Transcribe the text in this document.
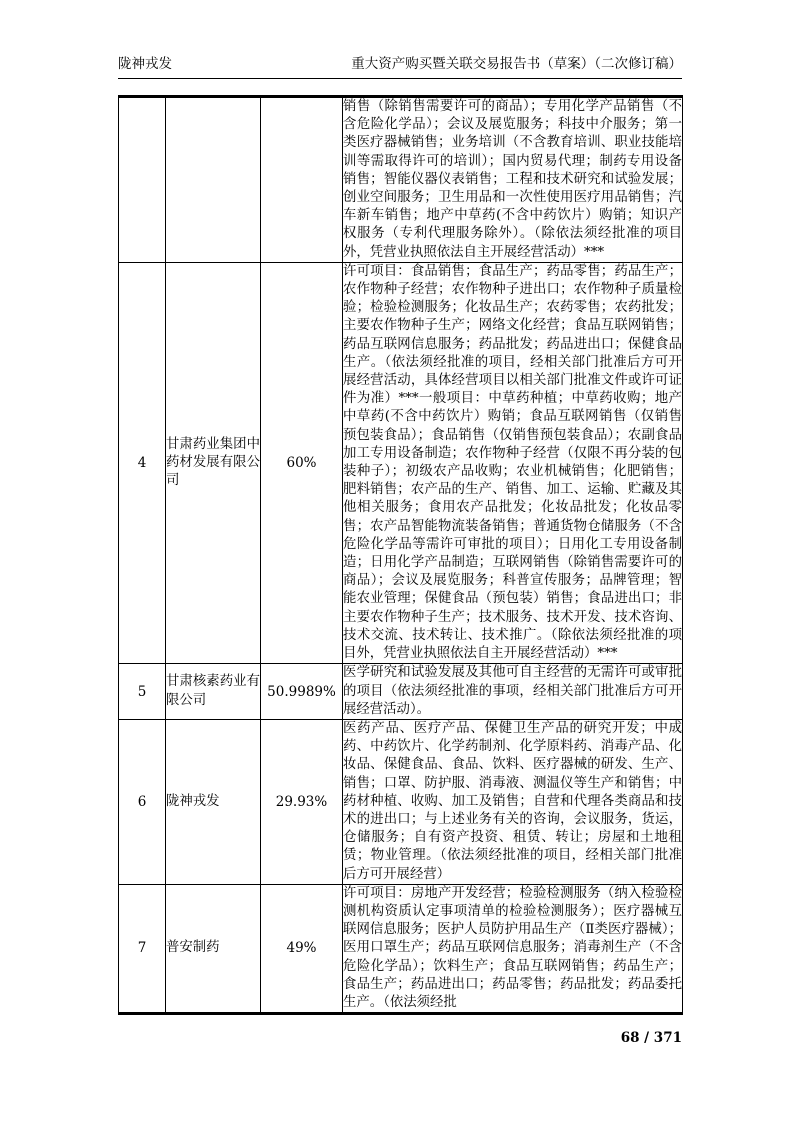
陇神戎发	重大资产购买暨关联交易报告书（草案）（二次修订稿）
			销售（除销售需要许可的商品）；专用化学产品销售（不含危险化学品）；会议及展览服务；科技中介服务；第一类医疗器械销售；业务培训（不含教育培训、职业技能培训等需取得许可的培训）；国内贸易代理；制药专用设备销售；智能仪器仪表销售；工程和技术研究和试验发展；创业空间服务；卫生用品和一次性使用医疗用品销售；汽车新车销售；地产中草药(不含中药饮片）购销；知识产权服务（专利代理服务除外）。（除依法须经批准的项目外，凭营业执照依法自主开展经营活动）***
4	甘肃药业集团中药材发展有限公司	60%	许可项目：食品销售；食品生产；药品零售；药品生产；农作物种子经营；农作物种子进出口；农作物种子质量检验；检验检测服务；化妆品生产；农药零售；农药批发；主要农作物种子生产；网络文化经营；食品互联网销售；药品互联网信息服务；药品批发；药品进出口；保健食品生产。（依法须经批准的项目，经相关部门批准后方可开展经营活动，具体经营项目以相关部门批准文件或许可证件为准）***一般项目：中草药种植；中草药收购；地产中草药(不含中药饮片）购销；食品互联网销售（仅销售预包装食品）；食品销售（仅销售预包装食品）；农副食品加工专用设备制造；农作物种子经营（仅限不再分装的包装种子）；初级农产品收购；农业机械销售；化肥销售；肥料销售；农产品的生产、销售、加工、运输、贮藏及其他相关服务；食用农产品批发；化妆品批发；化妆品零售；农产品智能物流装备销售；普通货物仓储服务（不含危险化学品等需许可审批的项目）；日用化工专用设备制造；日用化学产品制造；互联网销售（除销售需要许可的商品）；会议及展览服务；科普宣传服务；品牌管理；智能农业管理；保健食品（预包装）销售；食品进出口；非主要农作物种子生产；技术服务、技术开发、技术咨询、技术交流、技术转让、技术推广。（除依法须经批准的项目外，凭营业执照依法自主开展经营活动）***
5	甘肃核素药业有限公司	50.9989%	医学研究和试验发展及其他可自主经营的无需许可或审批的项目（依法须经批准的事项，经相关部门批准后方可开展经营活动）。
6	陇神戎发	29.93%	医药产品、医疗产品、保健卫生产品的研究开发；中成药、中药饮片、化学药制剂、化学原料药、消毒产品、化妆品、保健食品、食品、饮料、医疗器械的研发、生产、销售；口罩、防护服、消毒液、测温仪等生产和销售；中药材种植、收购、加工及销售；自营和代理各类商品和技术的进出口；与上述业务有关的咨询，会议服务，货运，仓储服务；自有资产投资、租赁、转让；房屋和土地租赁；物业管理。（依法须经批准的项目，经相关部门批准后方可开展经营）
7	普安制药	49%	许可项目：房地产开发经营；检验检测服务（纳入检验检测机构资质认定事项清单的检验检测服务）；医疗器械互联网信息服务；医护人员防护用品生产（Ⅱ类医疗器械）；医用口罩生产；药品互联网信息服务；消毒剂生产（不含危险化学品）；饮料生产；食品互联网销售；药品生产；食品生产；药品进出口；药品零售；药品批发；药品委托生产。（依法须经批
68 / 371
